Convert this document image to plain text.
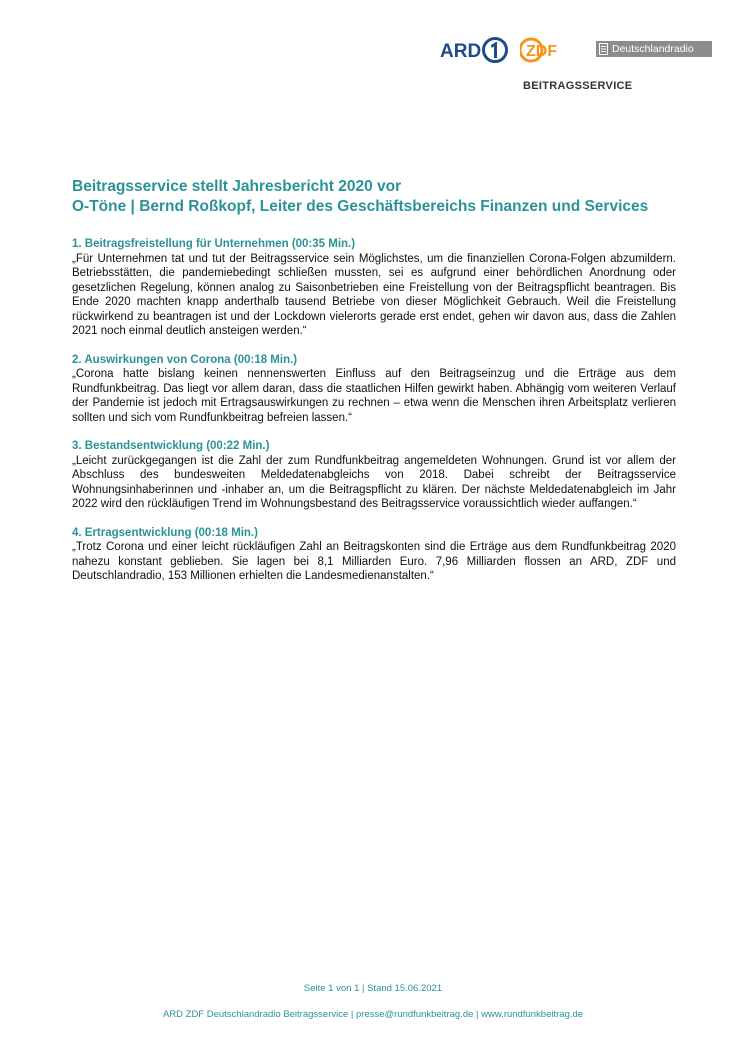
ARD	ZDF	Deutschlandradio
BEITRAGSSERVICE
Beitragsservice stellt Jahresbericht 2020 vor
O-Töne | Bernd Roßkopf, Leiter des Geschäftsbereichs Finanzen und Services

1. Beitragsfreistellung für Unternehmen (00:35 Min.)

„Für Unternehmen tat und tut der Beitragsservice sein Möglichstes, um die finanziellen Corona-Folgen abzumildern. Betriebsstätten, die pandemiebedingt schließen mussten, sei es aufgrund einer behördlichen Anordnung oder gesetzlichen Regelung, können analog zu Saisonbetrieben eine Freistellung von der Beitragspflicht beantragen. Bis Ende 2020 machten knapp anderthalb tausend Betriebe von dieser Möglichkeit Gebrauch. Weil die Freistellung rückwirkend zu beantragen ist und der Lockdown vielerorts gerade erst endet, gehen wir davon aus, dass die Zahlen 2021 noch einmal deutlich ansteigen werden.“

2. Auswirkungen von Corona (00:18 Min.)

„Corona hatte bislang keinen nennenswerten Einfluss auf den Beitragseinzug und die Erträge aus dem Rundfunkbeitrag. Das liegt vor allem daran, dass die staatlichen Hilfen gewirkt haben. Abhängig vom weiteren Verlauf der Pandemie ist jedoch mit Ertragsauswirkungen zu rechnen – etwa wenn die Menschen ihren Arbeitsplatz verlieren sollten und sich vom Rundfunkbeitrag befreien lassen.“

3. Bestandsentwicklung (00:22 Min.)

„Leicht zurückgegangen ist die Zahl der zum Rundfunkbeitrag angemeldeten Wohnungen. Grund ist vor allem der Abschluss des bundesweiten Meldedatenabgleichs von 2018. Dabei schreibt der Beitragsservice Wohnungsinhaberinnen und -inhaber an, um die Beitragspflicht zu klären. Der nächste Meldedatenabgleich im Jahr 2022 wird den rückläufigen Trend im Wohnungsbestand des Beitragsservice voraussichtlich wieder auffangen.“

4. Ertragsentwicklung (00:18 Min.)

„Trotz Corona und einer leicht rückläufigen Zahl an Beitragskonten sind die Erträge aus dem Rundfunkbeitrag 2020 nahezu konstant geblieben. Sie lagen bei 8,1 Milliarden Euro. 7,96 Milliarden flossen an ARD, ZDF und Deutschlandradio, 153 Millionen erhielten die Landesmedienanstalten.“

Seite 1 von 1 | Stand 15.06.2021
ARD ZDF Deutschlandradio Beitragsservice | presse@rundfunkbeitrag.de | www.rundfunkbeitrag.de
